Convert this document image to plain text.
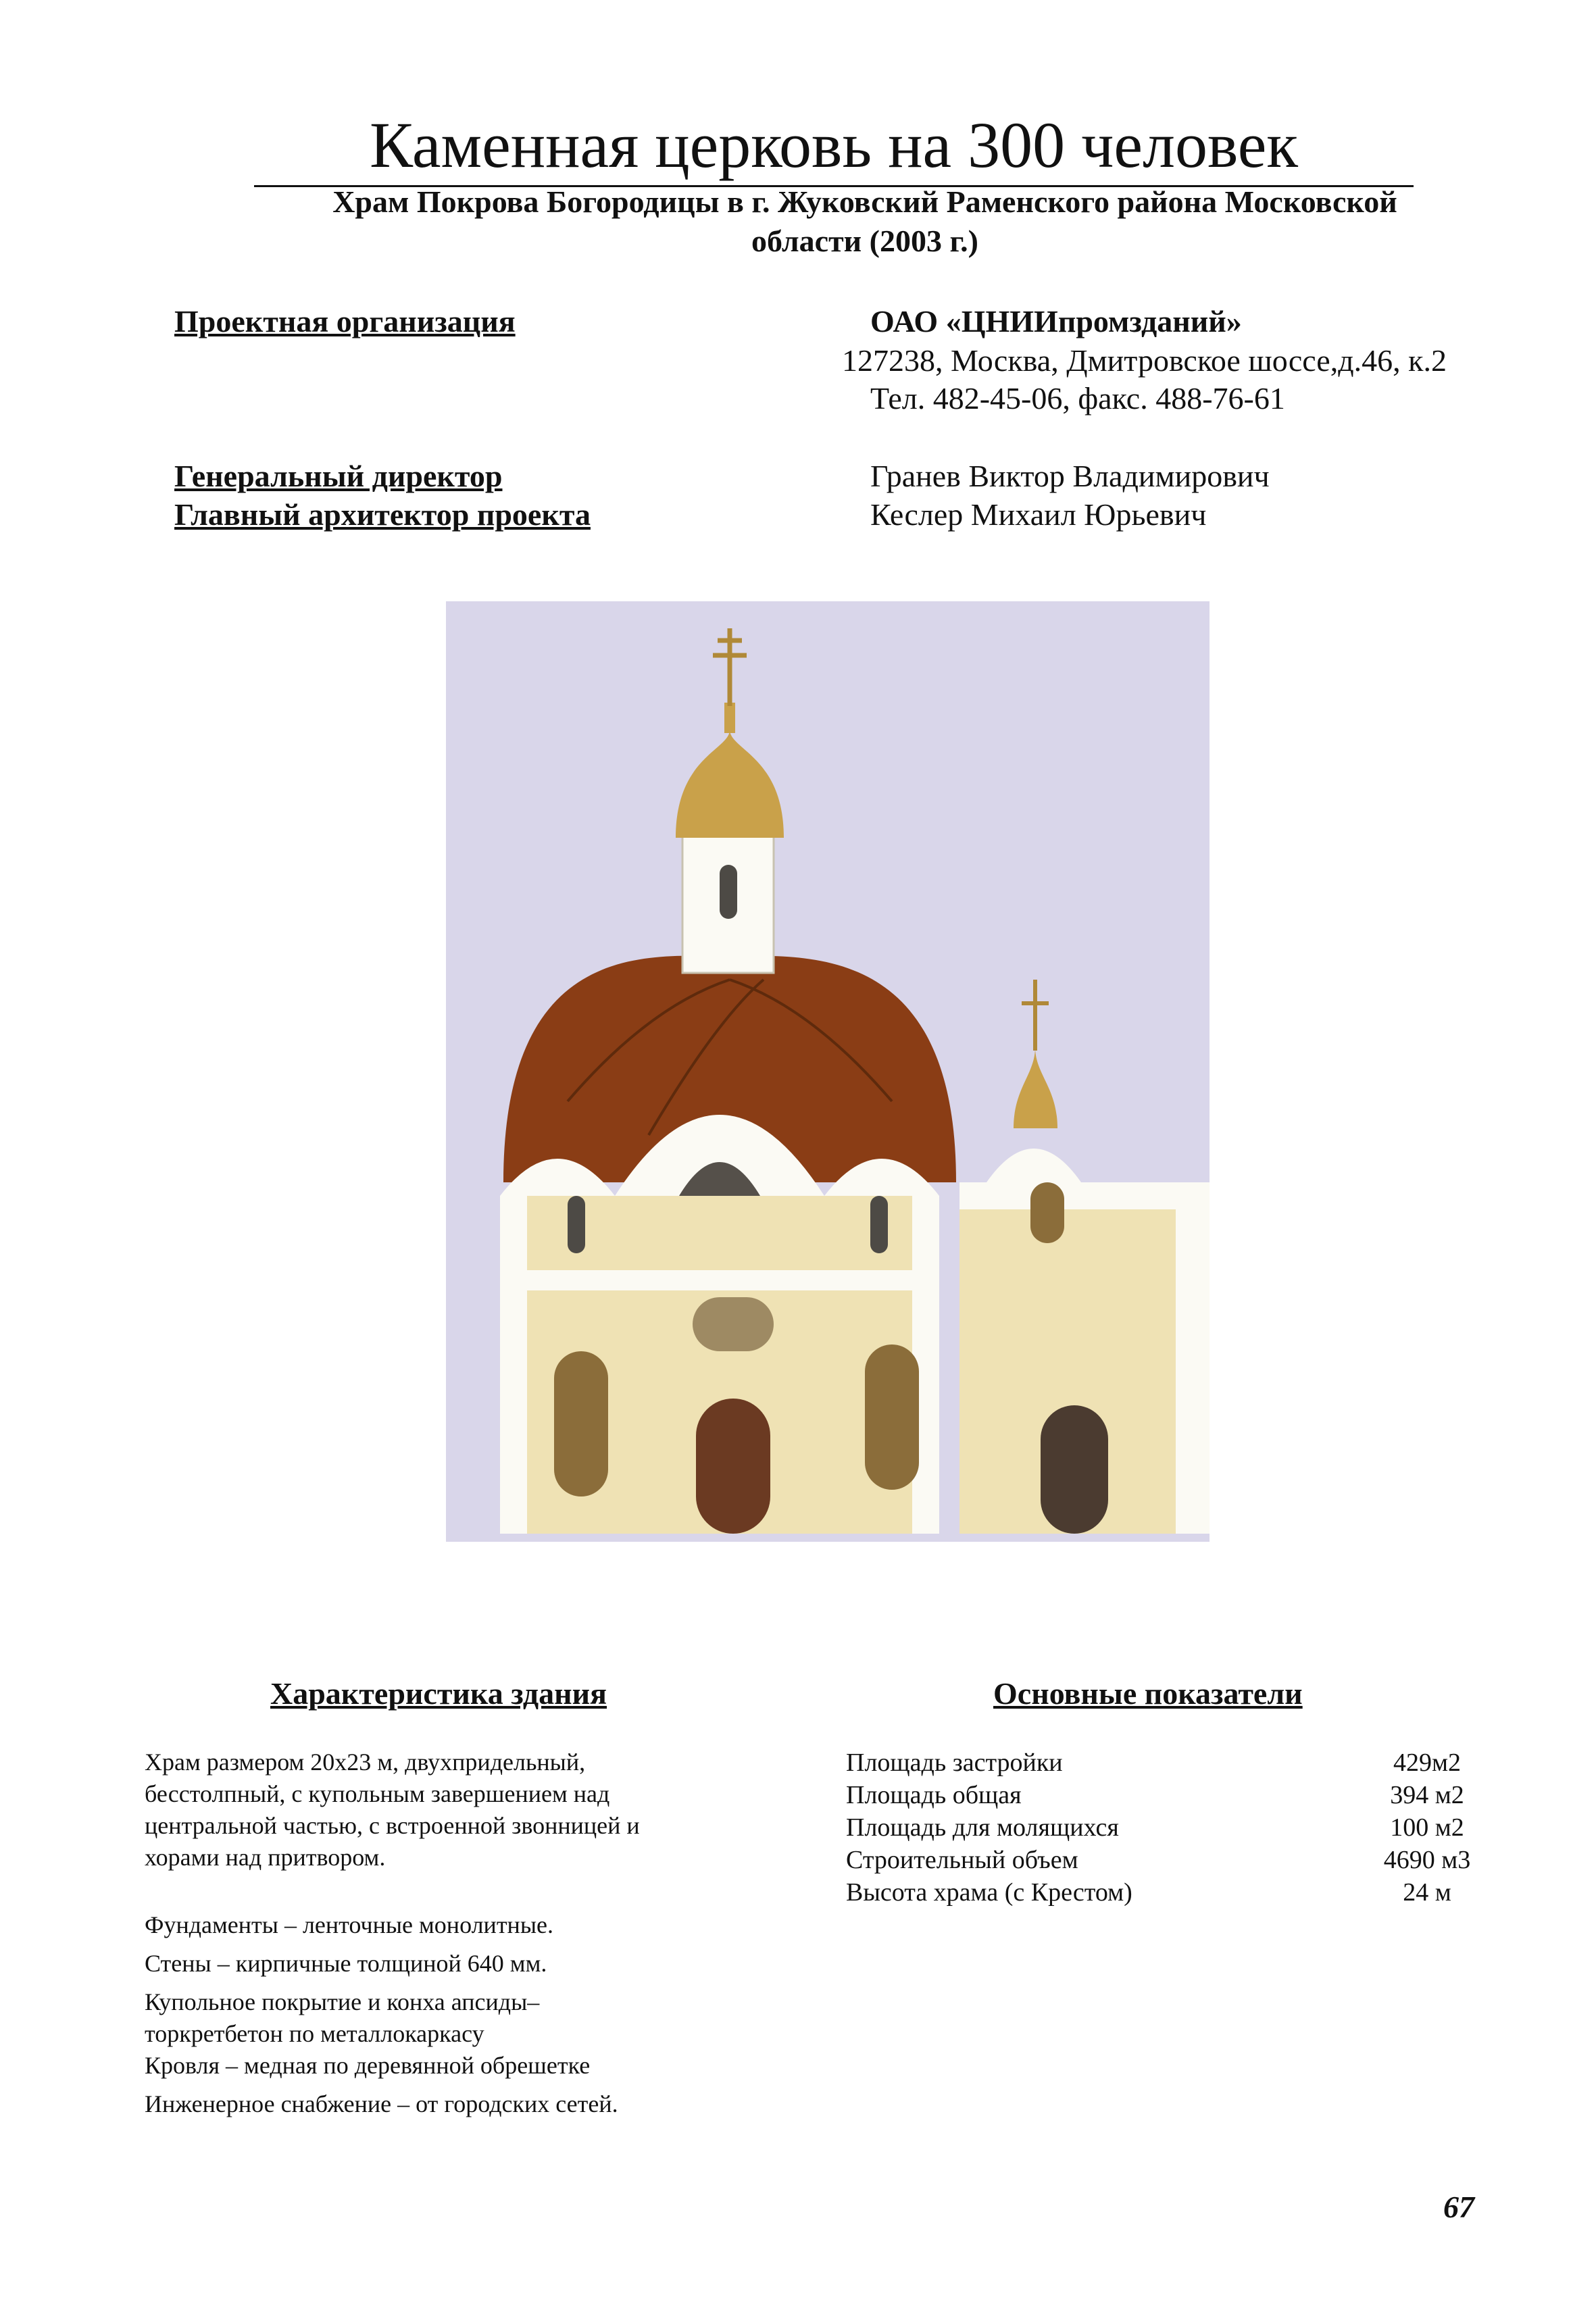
Каменная церковь на 300 человек
Храм Покрова Богородицы в г. Жуковский Раменского района Московской
области (2003 г.)
Проектная организация	ОАО «ЦНИИпромзданий»
127238, Москва, Дмитровское шоссе,д.46, к.2
Тел. 482-45-06, факс. 488-76-61
Генеральный директор	Гранев Виктор Владимирович
Главный архитектор проекта	Кеслер Михаил Юрьевич
Характеристика здания	Основные показатели
Храм размером 20х23 м, двухпридельный,
бесстолпный, с купольным завершением над
центральной частью, с встроенной звонницей и
хорами над притвором.
Фундаменты – ленточные монолитные.
Стены – кирпичные толщиной 640 мм.
Купольное покрытие и конха апсиды–
торкретбетон по металлокаркасу
Кровля – медная по деревянной обрешетке
Инженерное снабжение – от городских сетей.
Площадь застройки	429м2
Площадь общая	394 м2
Площадь для молящихся	100 м2
Строительный объем	4690 м3
Высота храма (с Крестом)	24 м
67
